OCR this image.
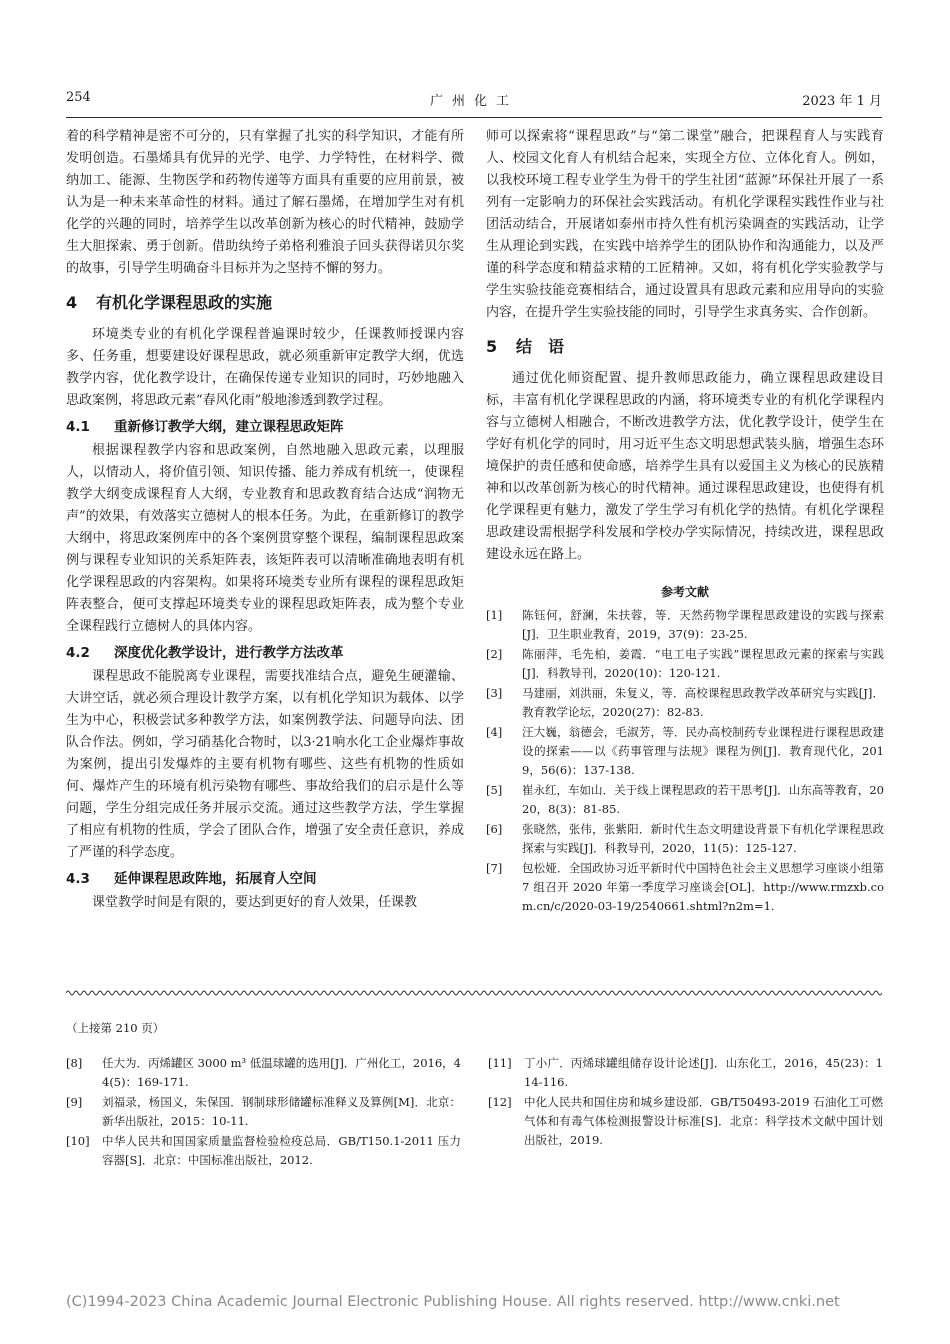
254	广州化工	2023 年 1 月

着的科学精神是密不可分的，只有掌握了扎实的科学知识，才能有所发明创造。石墨烯具有优异的光学、电学、力学特性，在材料学、微纳加工、能源、生物医学和药物传递等方面具有重要的应用前景，被认为是一种未来革命性的材料。通过了解石墨烯，在增加学生对有机化学的兴趣的同时，培养学生以改革创新为核心的时代精神，鼓励学生大胆探索、勇于创新。借助纨绔子弟格利雅浪子回头获得诺贝尔奖的故事，引导学生明确奋斗目标并为之坚持不懈的努力。

4 有机化学课程思政的实施

环境类专业的有机化学课程普遍课时较少，任课教师授课内容多、任务重，想要建设好课程思政，就必须重新审定教学大纲，优选教学内容，优化教学设计，在确保传递专业知识的同时，巧妙地融入思政案例，将思政元素“春风化雨”般地渗透到教学过程。

4.1 重新修订教学大纲，建立课程思政矩阵

根据课程教学内容和思政案例，自然地融入思政元素，以理服人，以情动人，将价值引领、知识传播、能力养成有机统一，使课程教学大纲变成课程育人大纲，专业教育和思政教育结合达成“润物无声”的效果，有效落实立德树人的根本任务。为此，在重新修订的教学大纲中，将思政案例库中的各个案例贯穿整个课程，编制课程思政案例与课程专业知识的关系矩阵表，该矩阵表可以清晰准确地表明有机化学课程思政的内容架构。如果将环境类专业所有课程的课程思政矩阵表整合，便可支撑起环境类专业的课程思政矩阵表，成为整个专业全课程践行立德树人的具体内容。

4.2 深度优化教学设计，进行教学方法改革

课程思政不能脱离专业课程，需要找准结合点，避免生硬灌输、大讲空话，就必须合理设计教学方案，以有机化学知识为载体、以学生为中心，积极尝试多种教学方法，如案例教学法、问题导向法、团队合作法。例如，学习硝基化合物时，以3·21响水化工企业爆炸事故为案例，提出引发爆炸的主要有机物有哪些、这些有机物的性质如何、爆炸产生的环境有机污染物有哪些、事故给我们的启示是什么等问题，学生分组完成任务并展示交流。通过这些教学方法，学生掌握了相应有机物的性质，学会了团队合作，增强了安全责任意识，养成了严谨的科学态度。

4.3 延伸课程思政阵地，拓展育人空间

课堂教学时间是有限的，要达到更好的育人效果，任课教

师可以探索将“课程思政”与“第二课堂”融合，把课程育人与实践育人、校园文化育人有机结合起来，实现全方位、立体化育人。例如，以我校环境工程专业学生为骨干的学生社团“蓝源”环保社开展了一系列有一定影响力的环保社会实践活动。有机化学课程实践性作业与社团活动结合，开展诸如泰州市持久性有机污染调查的实践活动，让学生从理论到实践，在实践中培养学生的团队协作和沟通能力，以及严谨的科学态度和精益求精的工匠精神。又如，将有机化学实验教学与学生实验技能竞赛相结合，通过设置具有思政元素和应用导向的实验内容，在提升学生实验技能的同时，引导学生求真务实、合作创新。

5 结　语

通过优化师资配置、提升教师思政能力，确立课程思政建设目标，丰富有机化学课程思政的内涵，将环境类专业的有机化学课程内容与立德树人相融合，不断改进教学方法，优化教学设计，使学生在学好有机化学的同时，用习近平生态文明思想武装头脑，增强生态环境保护的责任感和使命感，培养学生具有以爱国主义为核心的民族精神和以改革创新为核心的时代精神。通过课程思政建设，也使得有机化学课程更有魅力，激发了学生学习有机化学的热情。有机化学课程思政建设需根据学科发展和学校办学实际情况，持续改进，课程思政建设永远在路上。

参考文献
[1]	陈钰何，舒澜，朱扶蓉，等．天然药物学课程思政建设的实践与探索[J]．卫生职业教育，2019，37(9)：23-25.
[2]	陈丽萍，毛先柏，姜霞．“电工电子实践”课程思政元素的探索与实践[J]．科教导刊，2020(10)：120-121.
[3]	马建丽，刘洪丽，朱复义，等．高校课程思政教学改革研究与实践[J]．教育教学论坛，2020(27)：82-83.
[4]	汪大巍，翁德会，毛淑芳，等．民办高校制药专业课程进行课程思政建设的探索——以《药事管理与法规》课程为例[J]．教育现代化，2019，56(6)：137-138.
[5]	崔永红，车如山．关于线上课程思政的若干思考[J]．山东高等教育，2020，8(3)：81-85.
[6]	张晓然，张伟，张紫阳．新时代生态文明建设背景下有机化学课程思政探索与实践[J]．科教导刊，2020，11(5)：125-127.
[7]	包松娅．全国政协习近平新时代中国特色社会主义思想学习座谈小组第 7 组召开 2020 年第一季度学习座谈会[OL]．http://www.rmzxb.com.cn/c/2020-03-19/2540661.shtml?n2m=1.
（上接第 210 页）
[8]	任大为．丙烯罐区 3000 m³ 低温球罐的选用[J]．广州化工，2016，44(5)：169-171.
[9]	刘福录，杨国义，朱保国．钢制球形储罐标准释义及算例[M]．北京：新华出版社，2015：10-11.
[10]	中华人民共和国国家质量监督检验检疫总局．GB/T150.1-2011 压力容器[S]．北京：中国标准出版社，2012.
[11]	丁小广．丙烯球罐组储存设计论述[J]．山东化工，2016，45(23)：114-116.
[12]	中化人民共和国住房和城乡建设部．GB/T50493-2019 石油化工可燃气体和有毒气体检测报警设计标准[S]．北京：科学技术文献中国计划出版社，2019.
(C)1994-2023 China Academic Journal Electronic Publishing House. All rights reserved. http://www.cnki.net
